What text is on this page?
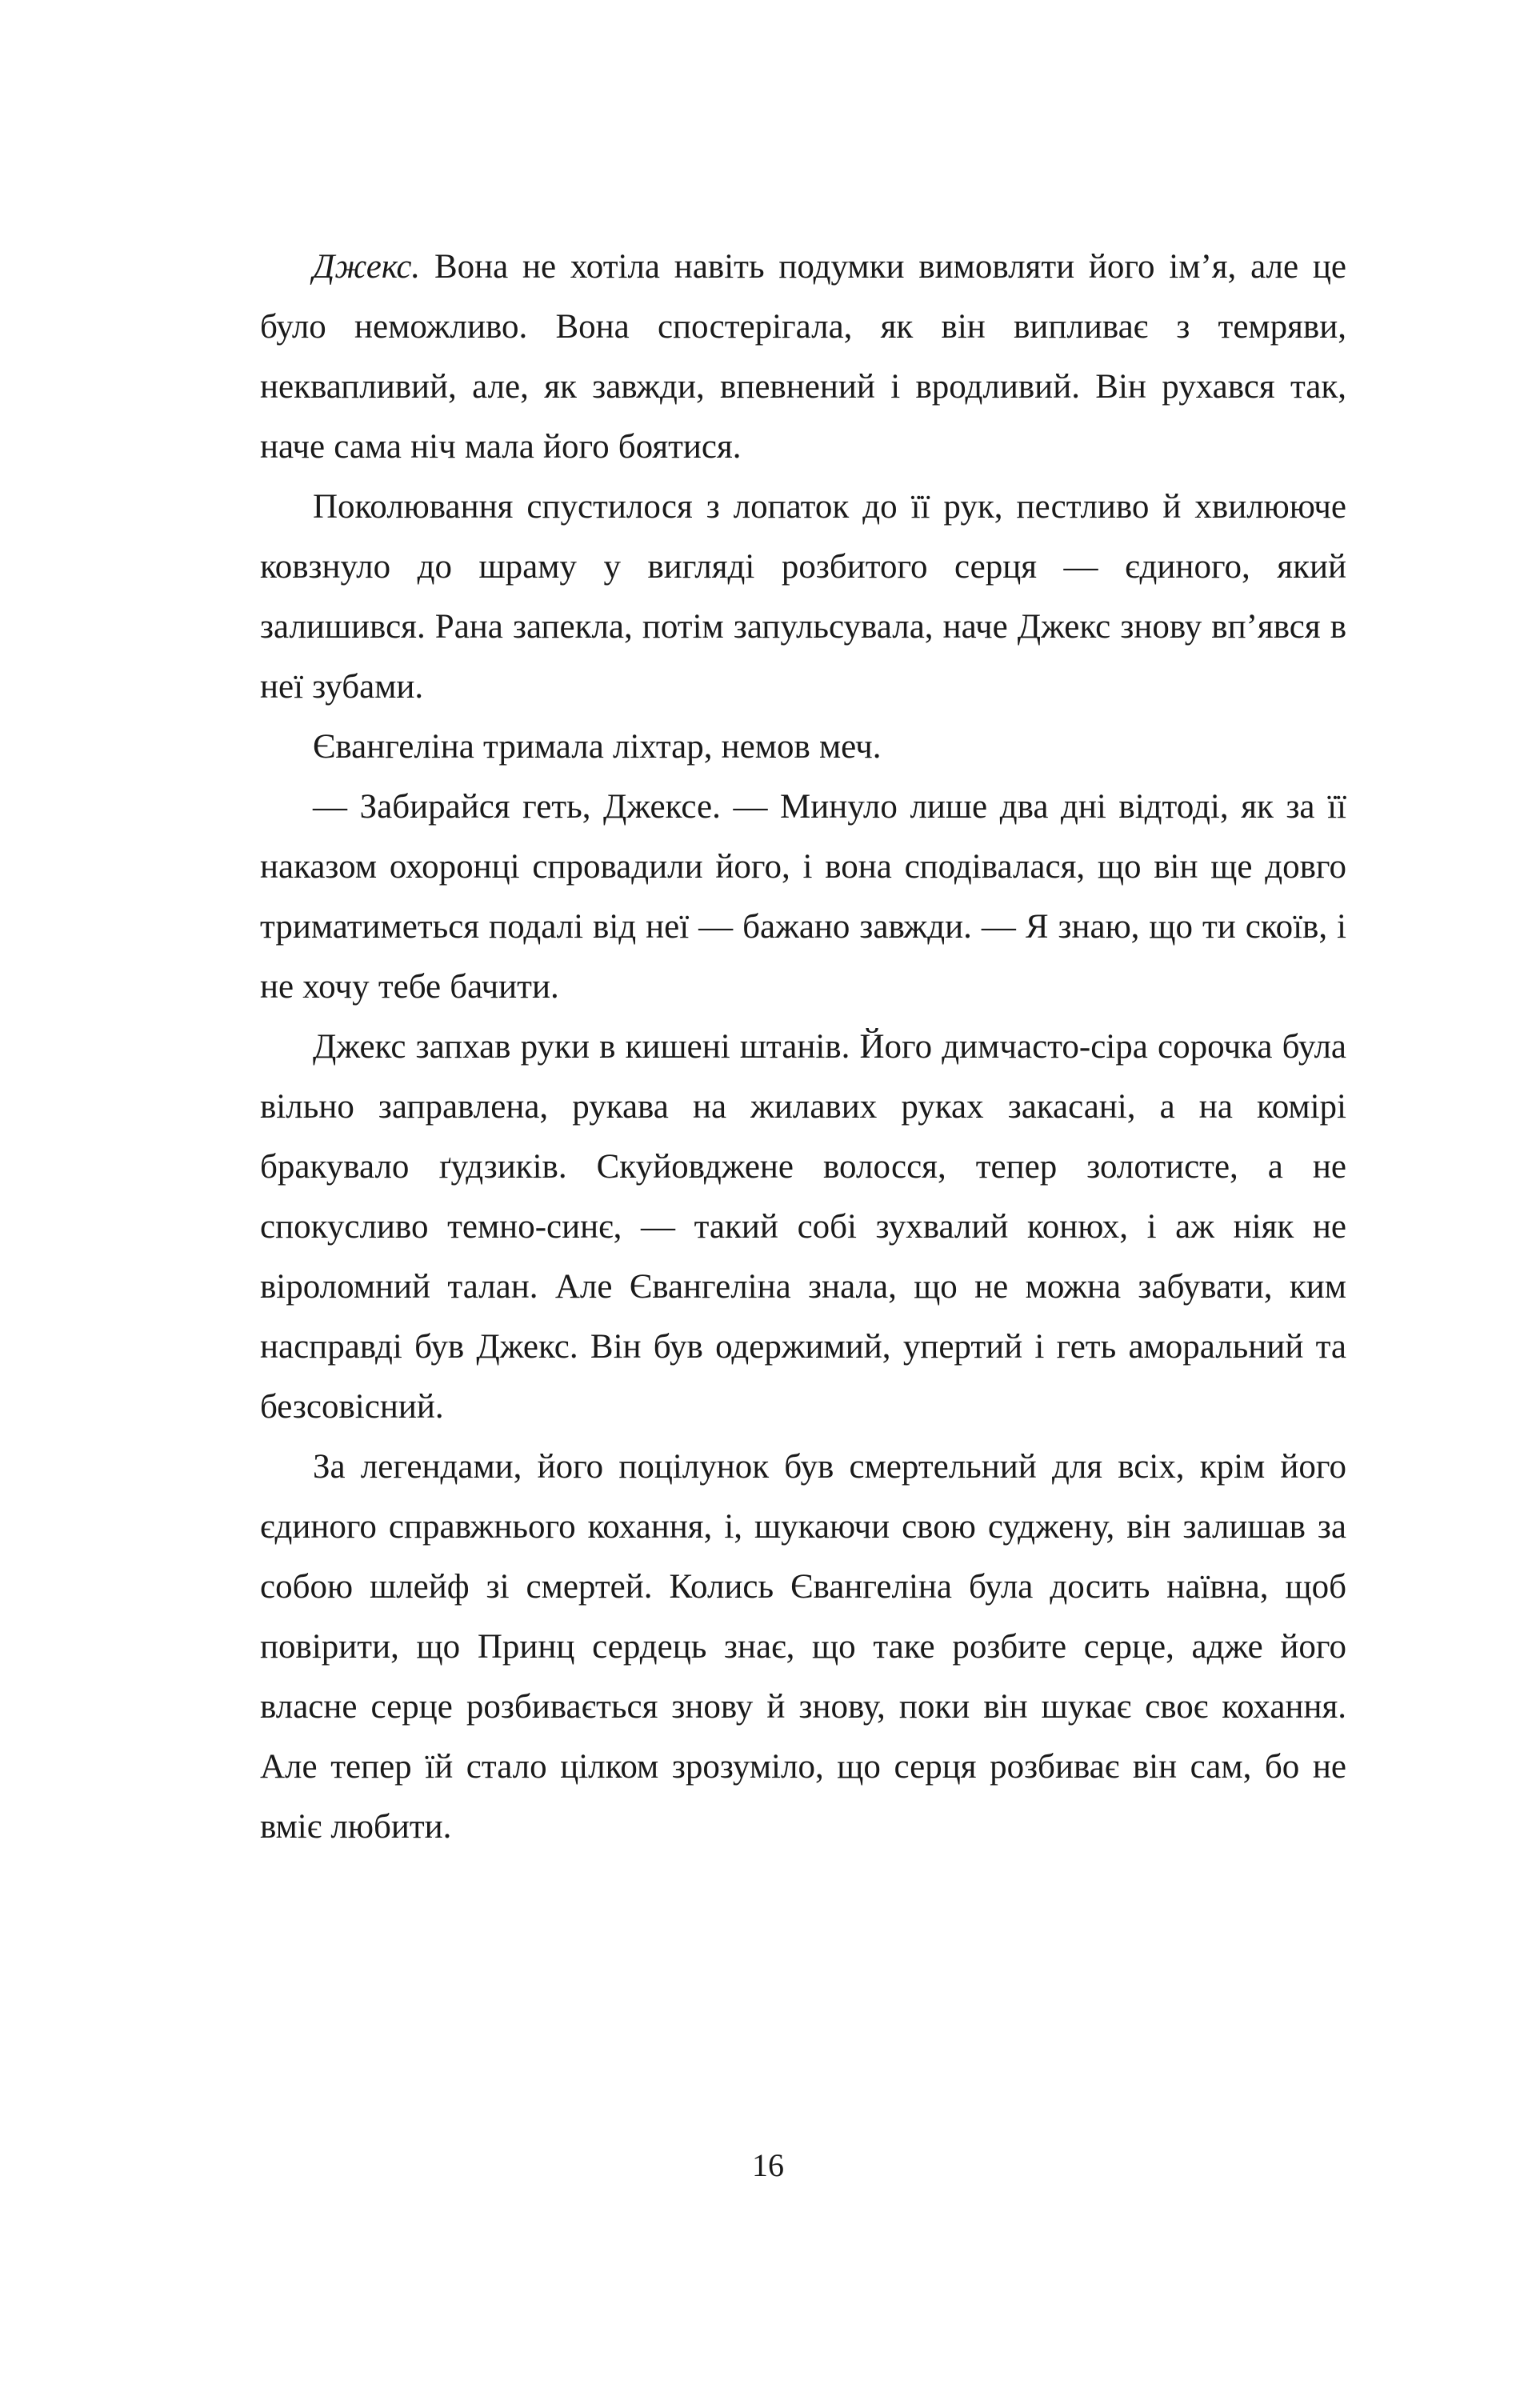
Джекс. Вона не хотіла навіть подумки вимовляти його ім’я, але це було неможливо. Вона спостерігала, як він випливає з темряви, неквапливий, але, як завжди, впевнений і вродливий. Він рухався так, наче сама ніч мала його боятися.

Поколювання спустилося з лопаток до її рук, пестливо й хвилююче ковзнуло до шраму у вигляді розбитого серця — єдиного, який залишився. Рана запекла, потім запульсувала, наче Джекс знову вп’явся в неї зубами.

Євангеліна тримала ліхтар, немов меч.

— Забирайся геть, Джексе. — Минуло лише два дні відтоді, як за її наказом охоронці спровадили його, і вона сподівалася, що він ще довго триматиметься подалі від неї — бажано завжди. — Я знаю, що ти скоїв, і не хочу тебе бачити.

Джекс запхав руки в кишені штанів. Його димчасто-сіра сорочка була вільно заправлена, рукава на жилавих руках закасані, а на комірі бракувало ґудзиків. Скуйовджене волосся, тепер золотисте, а не спокусливо темно-синє, — такий собі зухвалий конюх, і аж ніяк не віроломний талан. Але Євангеліна знала, що не можна забувати, ким насправді був Джекс. Він був одержимий, упертий і геть аморальний та безсовісний.

За легендами, його поцілунок був смертельний для всіх, крім його єдиного справжнього кохання, і, шукаючи свою суджену, він залишав за собою шлейф зі смертей. Колись Євангеліна була досить наївна, щоб повірити, що Принц сердець знає, що таке розбите серце, адже його власне серце розбивається знову й знову, поки він шукає своє кохання. Але тепер їй стало цілком зрозуміло, що серця розбиває він сам, бо не вміє любити.

16
